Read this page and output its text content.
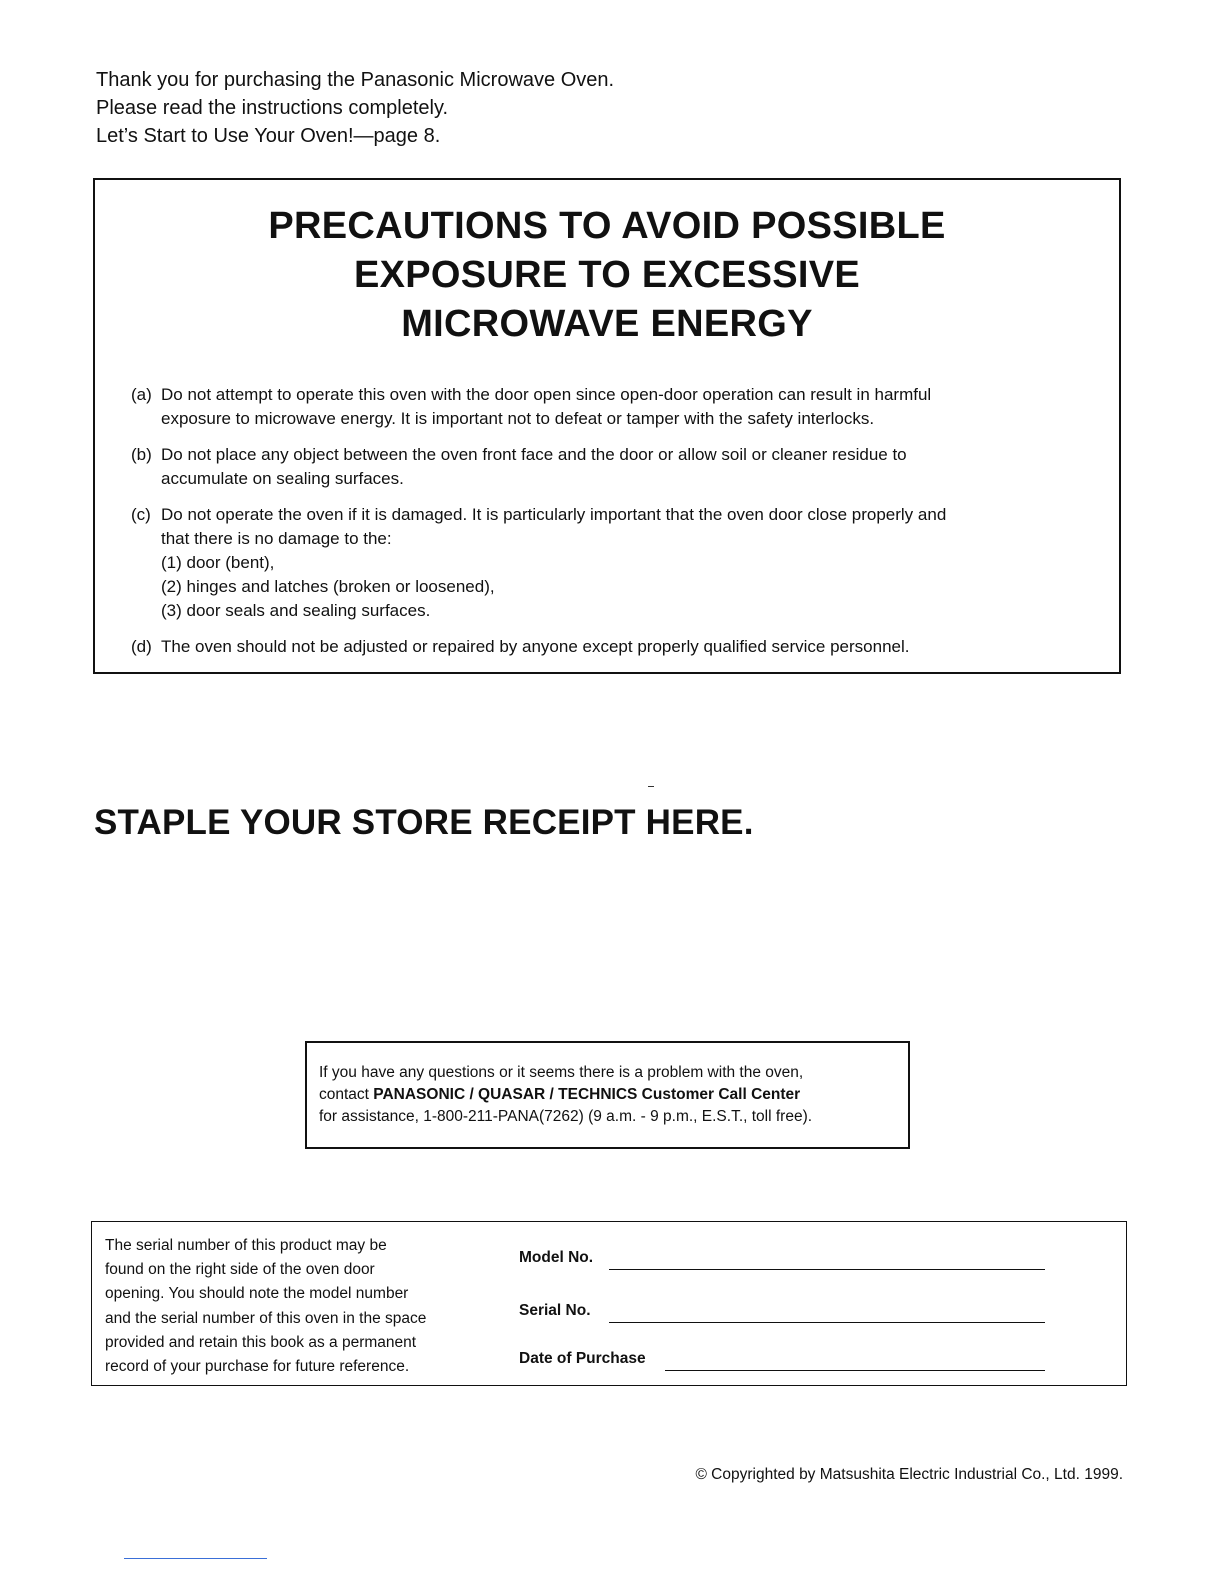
Thank you for purchasing the Panasonic Microwave Oven.
Please read the instructions completely.
Let’s Start to Use Your Oven!—page 8.
PRECAUTIONS TO AVOID POSSIBLE
EXPOSURE TO EXCESSIVE
MICROWAVE ENERGY
(a) Do not attempt to operate this oven with the door open since open-door operation can result in harmful
exposure to microwave energy. It is important not to defeat or tamper with the safety interlocks.
(b) Do not place any object between the oven front face and the door or allow soil or cleaner residue to
accumulate on sealing surfaces.
(c) Do not operate the oven if it is damaged. It is particularly important that the oven door close properly and
that there is no damage to the:
(1) door (bent),
(2) hinges and latches (broken or loosened),
(3) door seals and sealing surfaces.
(d) The oven should not be adjusted or repaired by anyone except properly qualified service personnel.
STAPLE YOUR STORE RECEIPT HERE.
If you have any questions or it seems there is a problem with the oven,
contact PANASONIC / QUASAR / TECHNICS Customer Call Center
for assistance, 1-800-211-PANA(7262) (9 a.m. - 9 p.m., E.S.T., toll free).
The serial number of this product may be
found on the right side of the oven door
opening. You should note the model number
and the serial number of this oven in the space
provided and retain this book as a permanent
record of your purchase for future reference.
Model No.
Serial No.
Date of Purchase
© Copyrighted by Matsushita Electric Industrial Co., Ltd. 1999.
